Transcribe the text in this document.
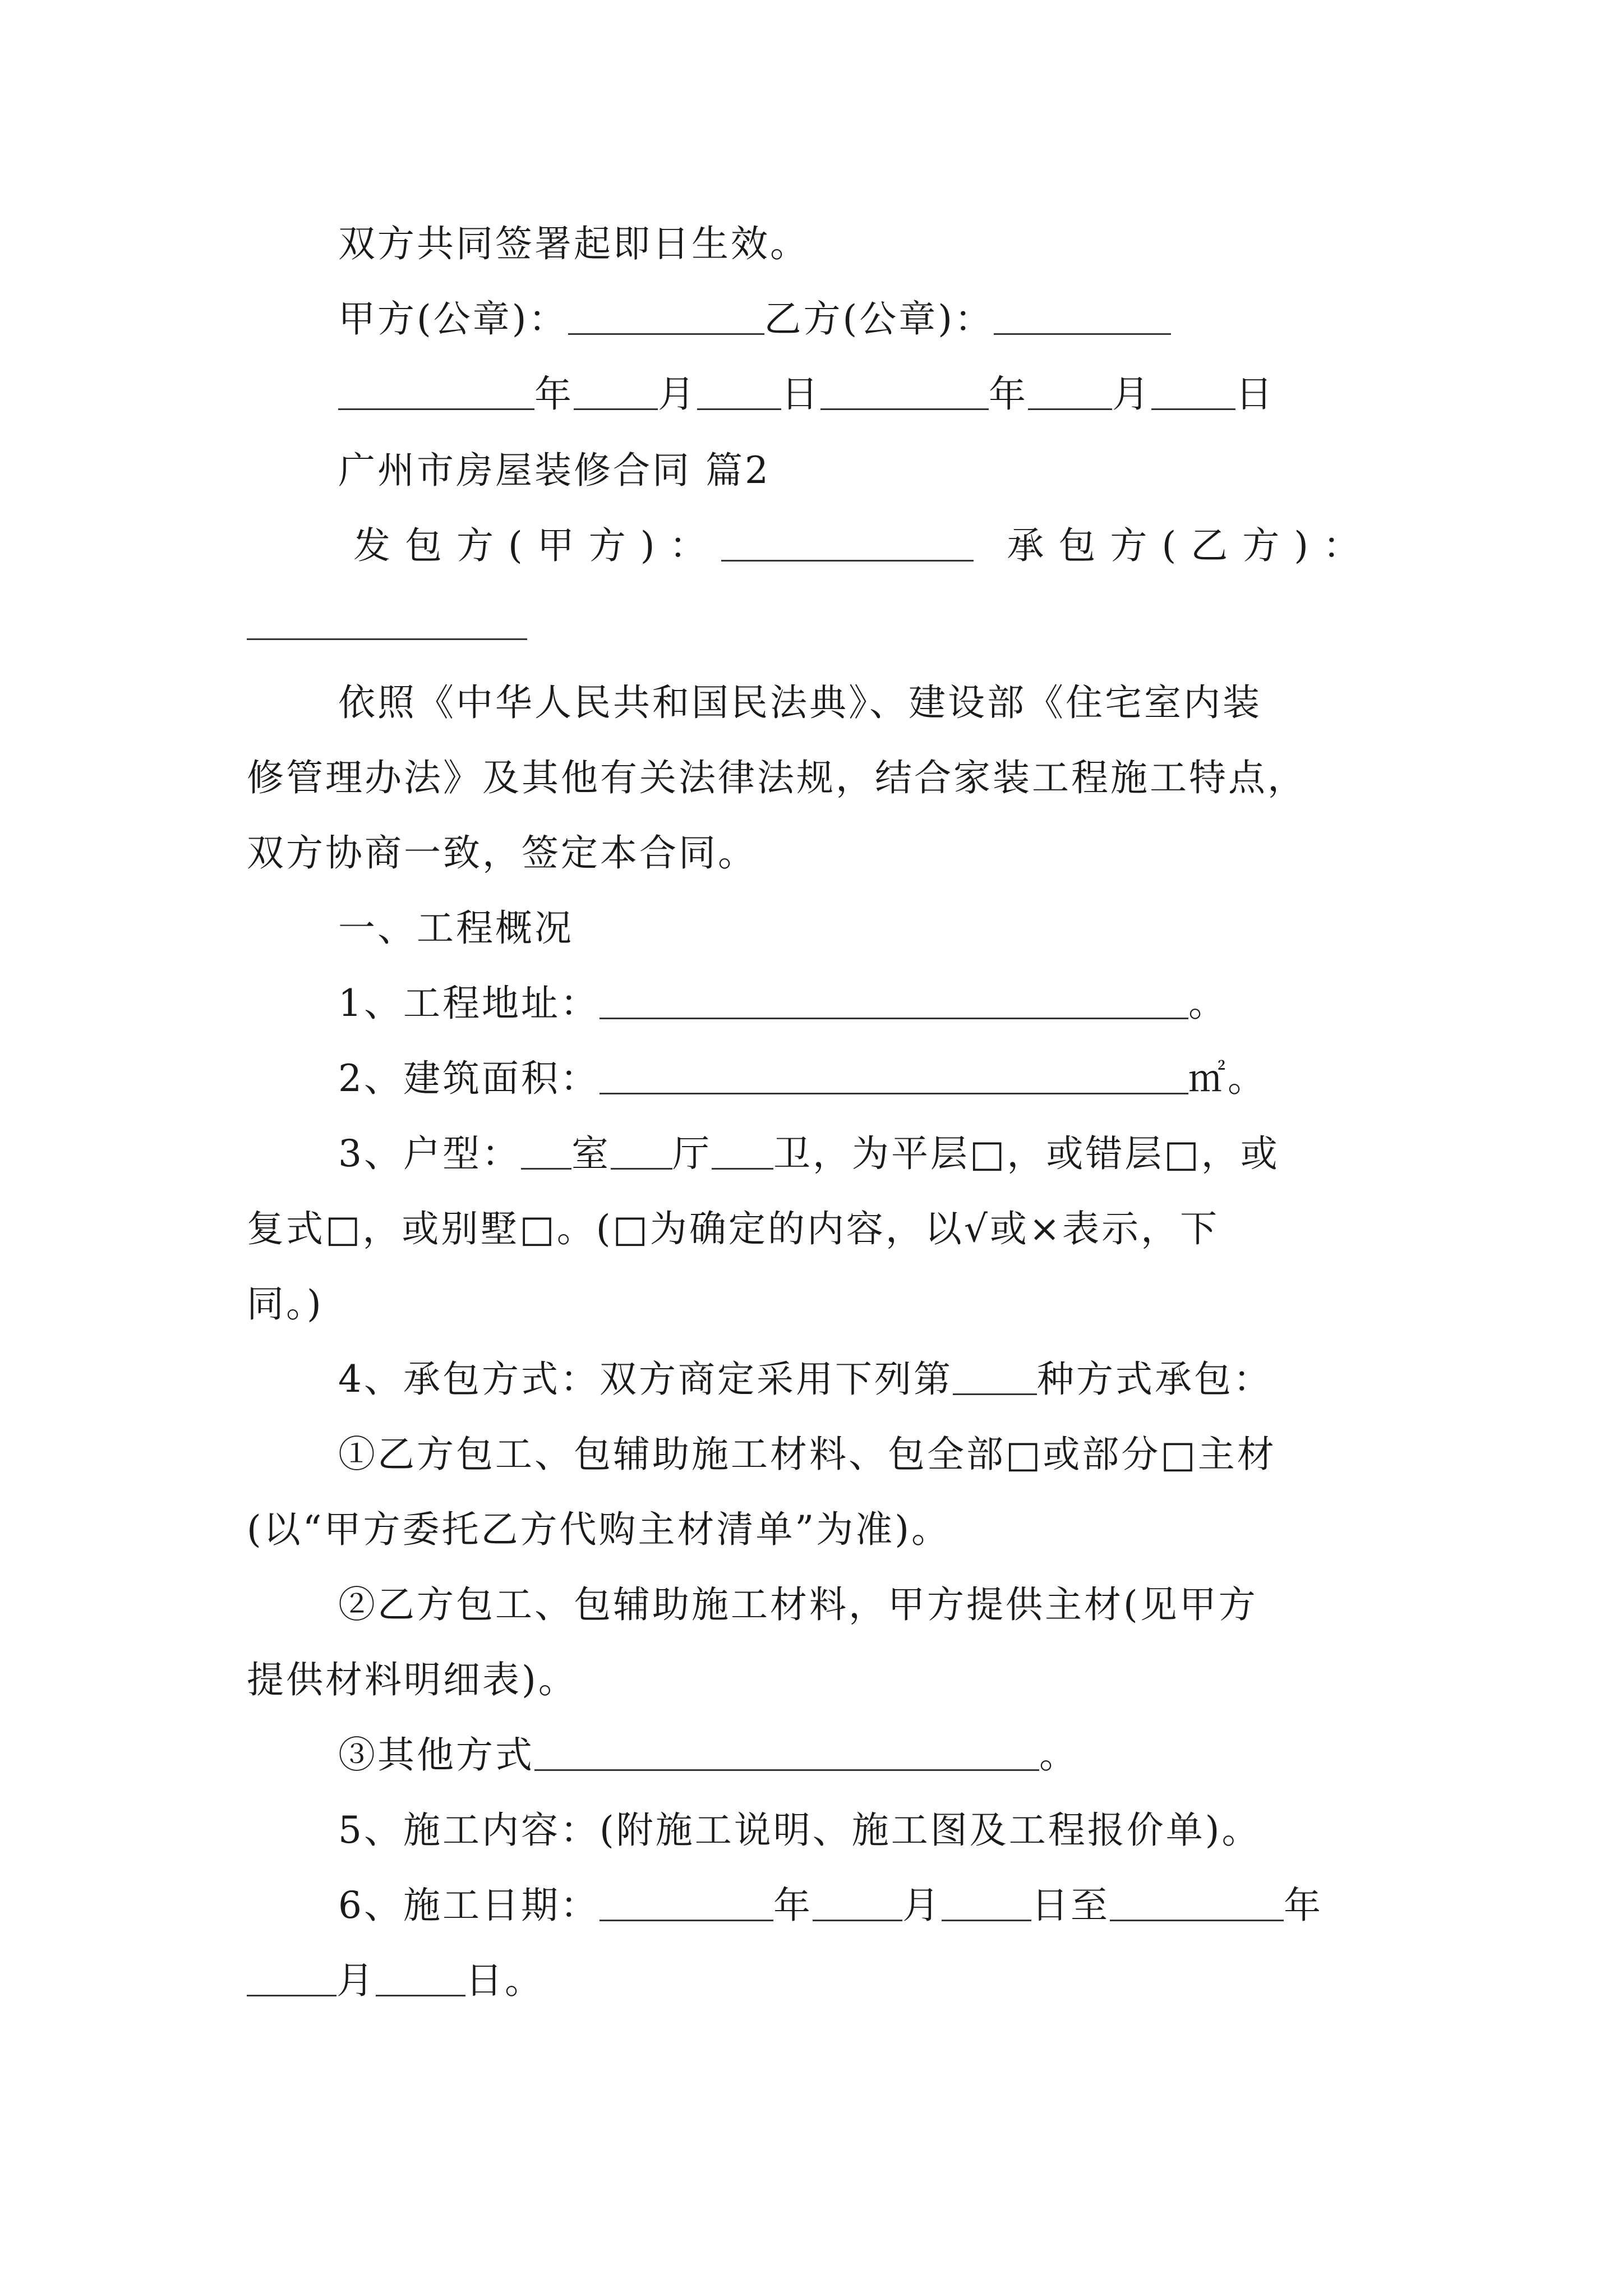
双方共同签署起即日生效。
甲方(公章)：	乙方(公章)：
年 月 日	年 月 日
广州市房屋装修合同 篇2
发包方(甲方)：	承包方(乙方)：
依照《中华人民共和国民法典》、建设部《住宅室内装
修管理办法》及其他有关法律法规，结合家装工程施工特点，
双方协商一致，签定本合同。
一、工程概况
1、工程地址：	。
2、建筑面积：	㎡。
3、户型： 室 厅 卫，为平层□，或错层□，或
复式□，或别墅□。(□为确定的内容，以√或×表示，下
同。)
4、承包方式：双方商定采用下列第 种方式承包：
①乙方包工、包辅助施工材料、包全部□或部分□主材
(以“甲方委托乙方代购主材清单”为准)。
②乙方包工、包辅助施工材料，甲方提供主材(见甲方
提供材料明细表)。
③其他方式	。
5、施工内容：(附施工说明、施工图及工程报价单)。
6、施工日期：	年 月 日至	年
月 日。
